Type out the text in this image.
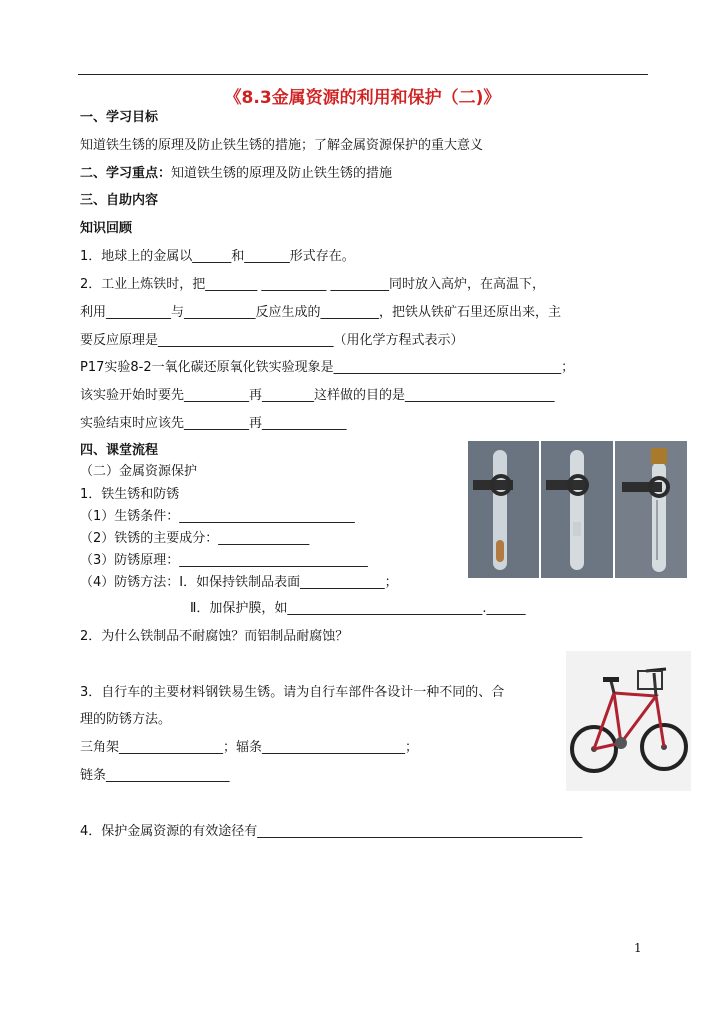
《8.3金属资源的利用和保护（二)》
一、学习目标
知道铁生锈的原理及防止铁生锈的措施；了解金属资源保护的重大意义
二、学习重点：知道铁生锈的原理及防止铁生锈的措施
三、自助内容
知识回顾
1．地球上的金属以______和_______形式存在。
2．工业上炼铁时，把________ __________ _________同时放入高炉，在高温下，
利用__________与___________反应生成的_________，把铁从铁矿石里还原出来，主
要反应原理是___________________________（用化学方程式表示）
P17实验8-2一氧化碳还原氧化铁实验现象是___________________________________；
该实验开始时要先__________再________这样做的目的是_______________________
实验结束时应该先__________再_____________
四、课堂流程
（二）金属资源保护
1．铁生锈和防锈
（1）生锈条件：___________________________
（2）铁锈的主要成分：______________
（3）防锈原理：_____________________________
（4）防锈方法：Ⅰ．如保持铁制品表面_____________；
Ⅱ．加保护膜，如______________________________.______
2．为什么铁制品不耐腐蚀？而铝制品耐腐蚀？
3．自行车的主要材料钢铁易生锈。请为自行车部件各设计一种不同的、合
理的防锈方法。
三角架________________；辐条______________________；
链条___________________
4．保护金属资源的有效途径有__________________________________________________
1
